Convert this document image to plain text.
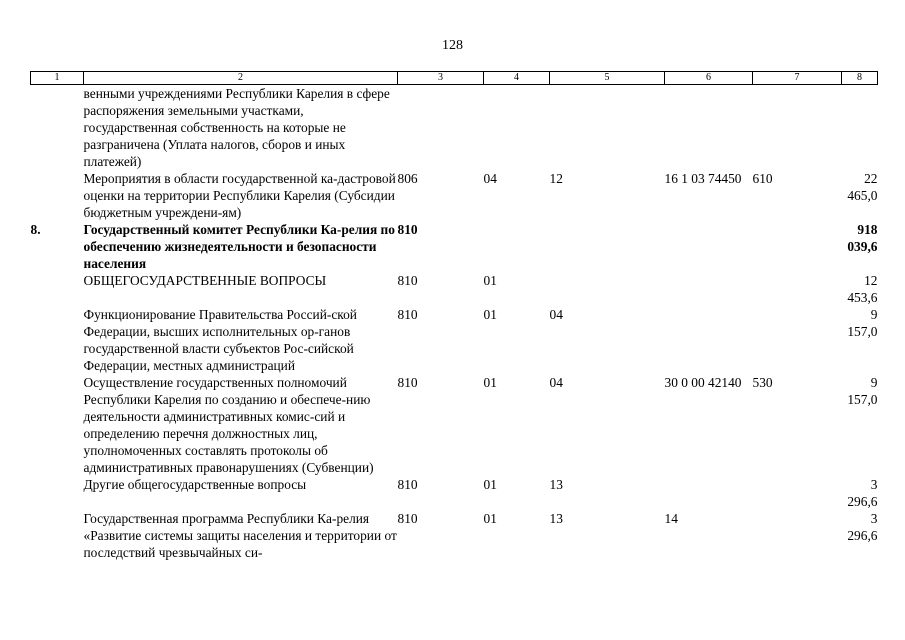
128
1	2	3	4	5	6	7	8
	венными учреждениями Республики Карелия в сфере распоряжения земельными участками, государственная собственность на которые не разграничена (Уплата налогов, сборов и иных платежей)						
	Мероприятия в области государственной ка-дастровой оценки на территории Республики Карелия (Субсидии бюджетным учреждени-ям)	806	04	12	16 1 03 74450	610	22 465,0
8.	Государственный комитет Республики Ка-релия по обеспечению жизнедеятельности и безопасности населения	810					918 039,6
	ОБЩЕГОСУДАРСТВЕННЫЕ ВОПРОСЫ	810	01				12 453,6
	Функционирование Правительства Россий-ской Федерации, высших исполнительных ор-ганов государственной власти субъектов Рос-сийской Федерации, местных администраций	810	01	04			9 157,0
	Осуществление государственных полномочий Республики Карелия по созданию и обеспече-нию деятельности административных комис-сий и определению перечня должностных лиц, уполномоченных составлять протоколы об административных правонарушениях (Субвенции)	810	01	04	30 0 00 42140	530	9 157,0
	Другие общегосударственные вопросы	810	01	13			3 296,6
	Государственная программа Республики Ка-релия «Развитие системы защиты населения и территории от последствий чрезвычайных си-	810	01	13	14		3 296,6
